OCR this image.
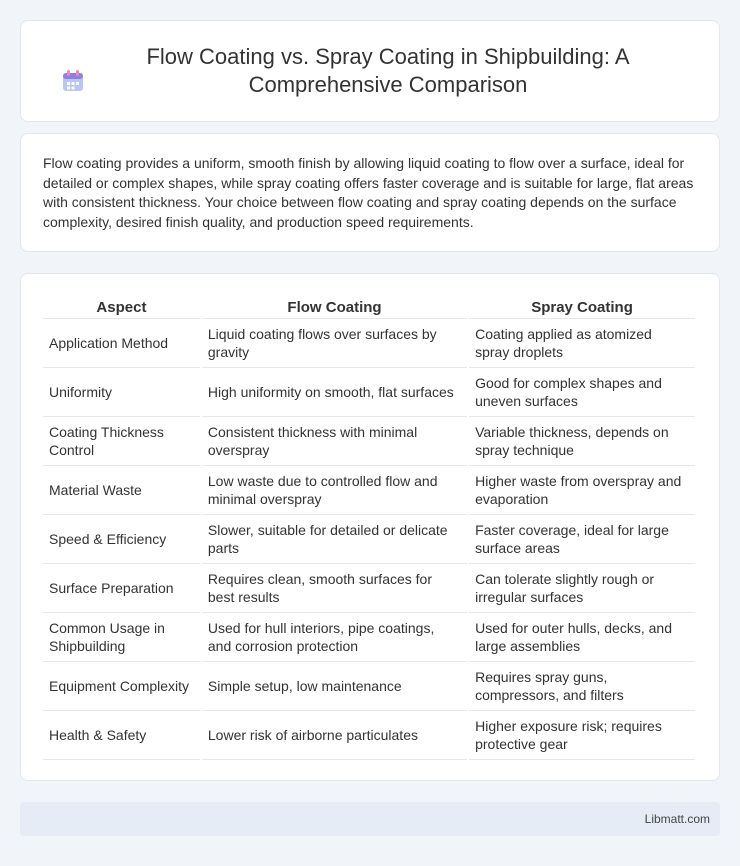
Flow Coating vs. Spray Coating in Shipbuilding: A Comprehensive Comparison

Flow coating provides a uniform, smooth finish by allowing liquid coating to flow over a surface, ideal for detailed or complex shapes, while spray coating offers faster coverage and is suitable for large, flat areas with consistent thickness. Your choice between flow coating and spray coating depends on the surface complexity, desired finish quality, and production speed requirements.

Aspect	Flow Coating	Spray Coating
Application Method	Liquid coating flows over surfaces by gravity	Coating applied as atomized spray droplets
Uniformity	High uniformity on smooth, flat surfaces	Good for complex shapes and uneven surfaces
Coating Thickness Control	Consistent thickness with minimal overspray	Variable thickness, depends on spray technique
Material Waste	Low waste due to controlled flow and minimal overspray	Higher waste from overspray and evaporation
Speed & Efficiency	Slower, suitable for detailed or delicate parts	Faster coverage, ideal for large surface areas
Surface Preparation	Requires clean, smooth surfaces for best results	Can tolerate slightly rough or irregular surfaces
Common Usage in Shipbuilding	Used for hull interiors, pipe coatings, and corrosion protection	Used for outer hulls, decks, and large assemblies
Equipment Complexity	Simple setup, low maintenance	Requires spray guns, compressors, and filters
Health & Safety	Lower risk of airborne particulates	Higher exposure risk; requires protective gear
Libmatt.com
